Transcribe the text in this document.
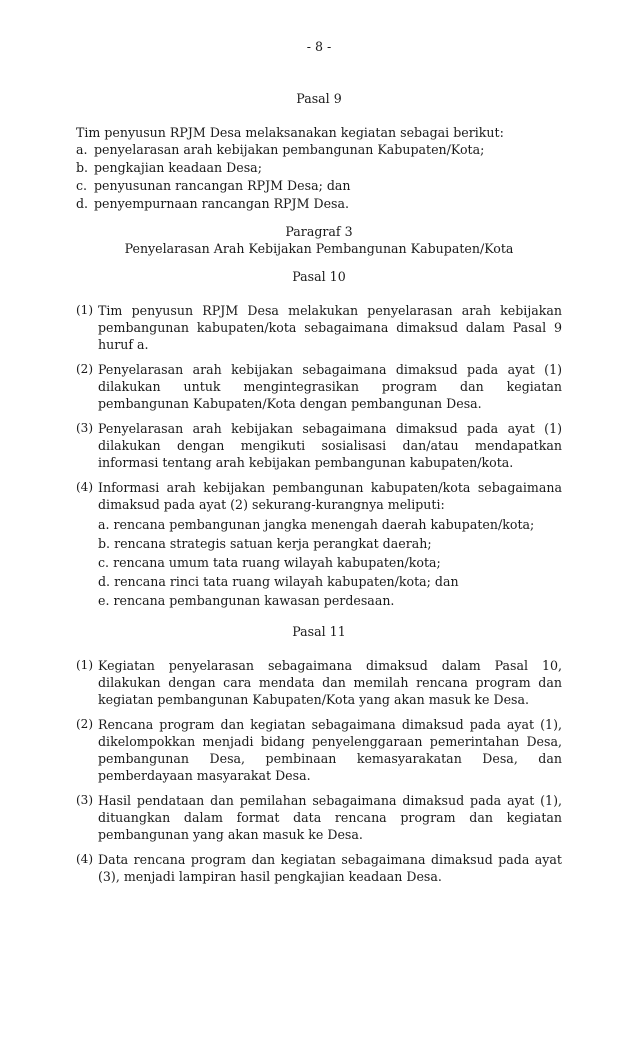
- 8 -
Pasal 9

Tim penyusun RPJM Desa melaksanakan kegiatan sebagai berikut:

a. penyelarasan arah kebijakan pembangunan Kabupaten/Kota;
b. pengkajian keadaan Desa;
c. penyusunan rancangan RPJM Desa; dan
d. penyempurnaan rancangan RPJM Desa.
Paragraf 3
Penyelarasan Arah Kebijakan Pembangunan Kabupaten/Kota
Pasal 10
(1) Tim penyusun RPJM Desa melakukan penyelarasan arah kebijakan pembangunan kabupaten/kota sebagaimana dimaksud dalam Pasal 9 huruf a.
(2) Penyelarasan arah kebijakan sebagaimana dimaksud pada ayat (1) dilakukan untuk mengintegrasikan program dan kegiatan pembangunan Kabupaten/Kota dengan pembangunan Desa.
(3) Penyelarasan arah kebijakan sebagaimana dimaksud pada ayat (1) dilakukan dengan mengikuti sosialisasi dan/atau mendapatkan informasi tentang arah kebijakan pembangunan kabupaten/kota.
(4) Informasi arah kebijakan pembangunan kabupaten/kota sebagaimana dimaksud pada ayat (2) sekurang-kurangnya meliputi:
a. rencana pembangunan jangka menengah daerah kabupaten/kota;
b. rencana strategis satuan kerja perangkat daerah;
c. rencana umum tata ruang wilayah kabupaten/kota;
d. rencana rinci tata ruang wilayah kabupaten/kota; dan
e. rencana pembangunan kawasan perdesaan.
Pasal 11
(1) Kegiatan penyelarasan sebagaimana dimaksud dalam Pasal 10, dilakukan dengan cara mendata dan memilah rencana program dan kegiatan pembangunan Kabupaten/Kota yang akan masuk ke Desa.
(2) Rencana program dan kegiatan sebagaimana dimaksud pada ayat (1), dikelompokkan menjadi bidang penyelenggaraan pemerintahan Desa, pembangunan Desa, pembinaan kemasyarakatan Desa, dan pemberdayaan masyarakat Desa.
(3) Hasil pendataan dan pemilahan sebagaimana dimaksud pada ayat (1), dituangkan dalam format data rencana program dan kegiatan pembangunan yang akan masuk ke Desa.
(4) Data rencana program dan kegiatan sebagaimana dimaksud pada ayat (3), menjadi lampiran hasil pengkajian keadaan Desa.
